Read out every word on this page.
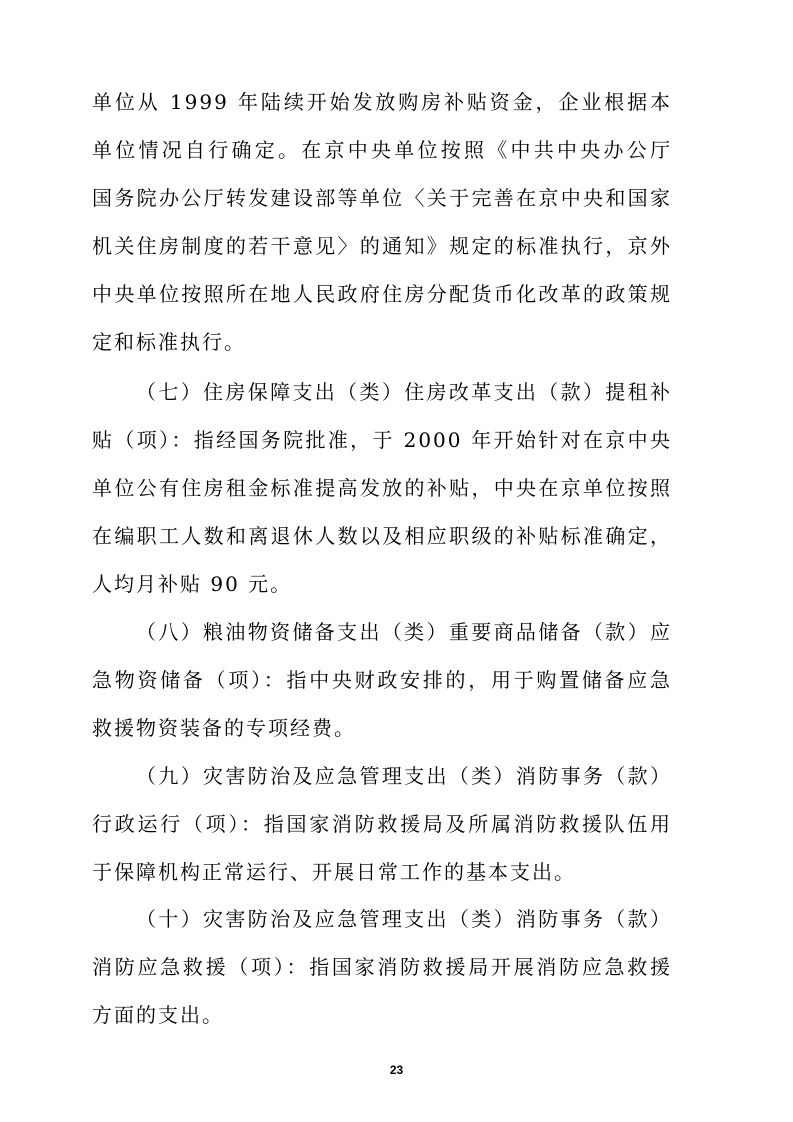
单位从 1999 年陆续开始发放购房补贴资金，企业根据本单位情况自行确定。在京中央单位按照《中共中央办公厅 国务院办公厅转发建设部等单位〈关于完善在京中央和国家机关住房制度的若干意见〉的通知》规定的标准执行，京外中央单位按照所在地人民政府住房分配货币化改革的政策规定和标准执行。

（七）住房保障支出（类）住房改革支出（款）提租补贴（项）：指经国务院批准，于 2000 年开始针对在京中央单位公有住房租金标准提高发放的补贴，中央在京单位按照在编职工人数和离退休人数以及相应职级的补贴标准确定，人均月补贴 90 元。

（八）粮油物资储备支出（类）重要商品储备（款）应急物资储备（项）：指中央财政安排的，用于购置储备应急救援物资装备的专项经费。

（九）灾害防治及应急管理支出（类）消防事务（款）行政运行（项）：指国家消防救援局及所属消防救援队伍用于保障机构正常运行、开展日常工作的基本支出。

（十）灾害防治及应急管理支出（类）消防事务（款）消防应急救援（项）：指国家消防救援局开展消防应急救援方面的支出。

23
